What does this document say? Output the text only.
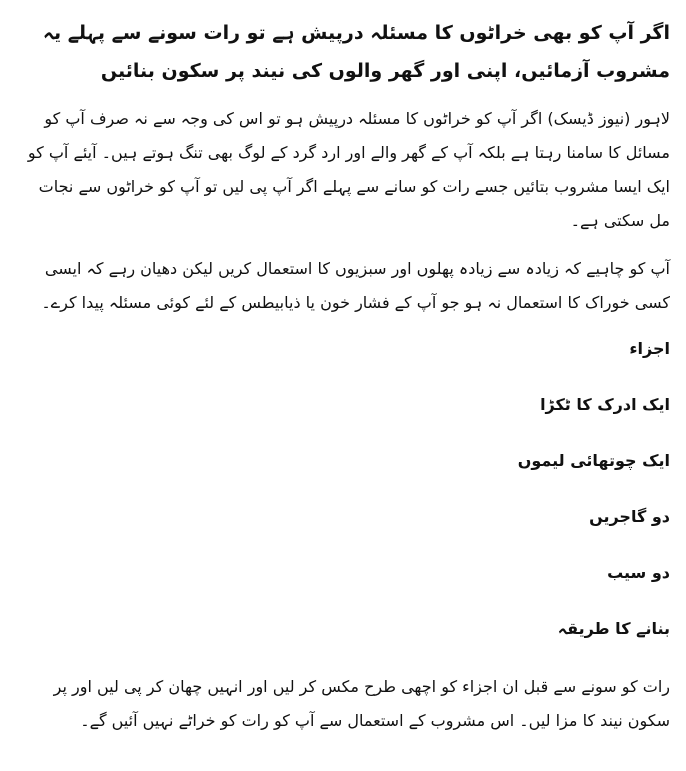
اگر آپ کو بھی خراٹوں کا مسئلہ درپیش ہے تو رات سونے سے پہلے یہ مشروب آزمائیں، اپنی اور گھر والوں کی نیند پر سکون بنائیں
لاہور (نیوز ڈیسک) اگر آپ کو خراٹوں کا مسئلہ درپیش ہو تو اس کی وجہ سے نہ صرف آپ کو مسائل کا سامنا رہتا ہے بلکہ آپ کے گھر والے اور ارد گرد کے لوگ بھی تنگ ہوتے ہیں۔ آیئے آپ کو ایک ایسا مشروب بتائیں جسے رات کو سانے سے پہلے اگر آپ پی لیں تو آپ کو خراٹوں سے نجات مل سکتی ہے۔
آپ کو چاہیے کہ زیادہ سے زیادہ پھلوں اور سبزیوں کا استعمال کریں لیکن دھیان رہے کہ ایسی کسی خوراک کا استعمال نہ ہو جو آپ کے فشار خون یا ذیابیطس کے لئے کوئی مسئلہ پیدا کرے۔
اجزاء
ایک ادرک کا ٹکڑا
ایک چوتھائی لیموں
دو گاجریں
دو سیب
بنانے کا طریقہ
رات کو سونے سے قبل ان اجزاء کو اچھی طرح مکس کر لیں اور انہیں چھان کر پی لیں اور پر سکون نیند کا مزا لیں۔ اس مشروب کے استعمال سے آپ کو رات کو خراٹے نہیں آئیں گے۔
